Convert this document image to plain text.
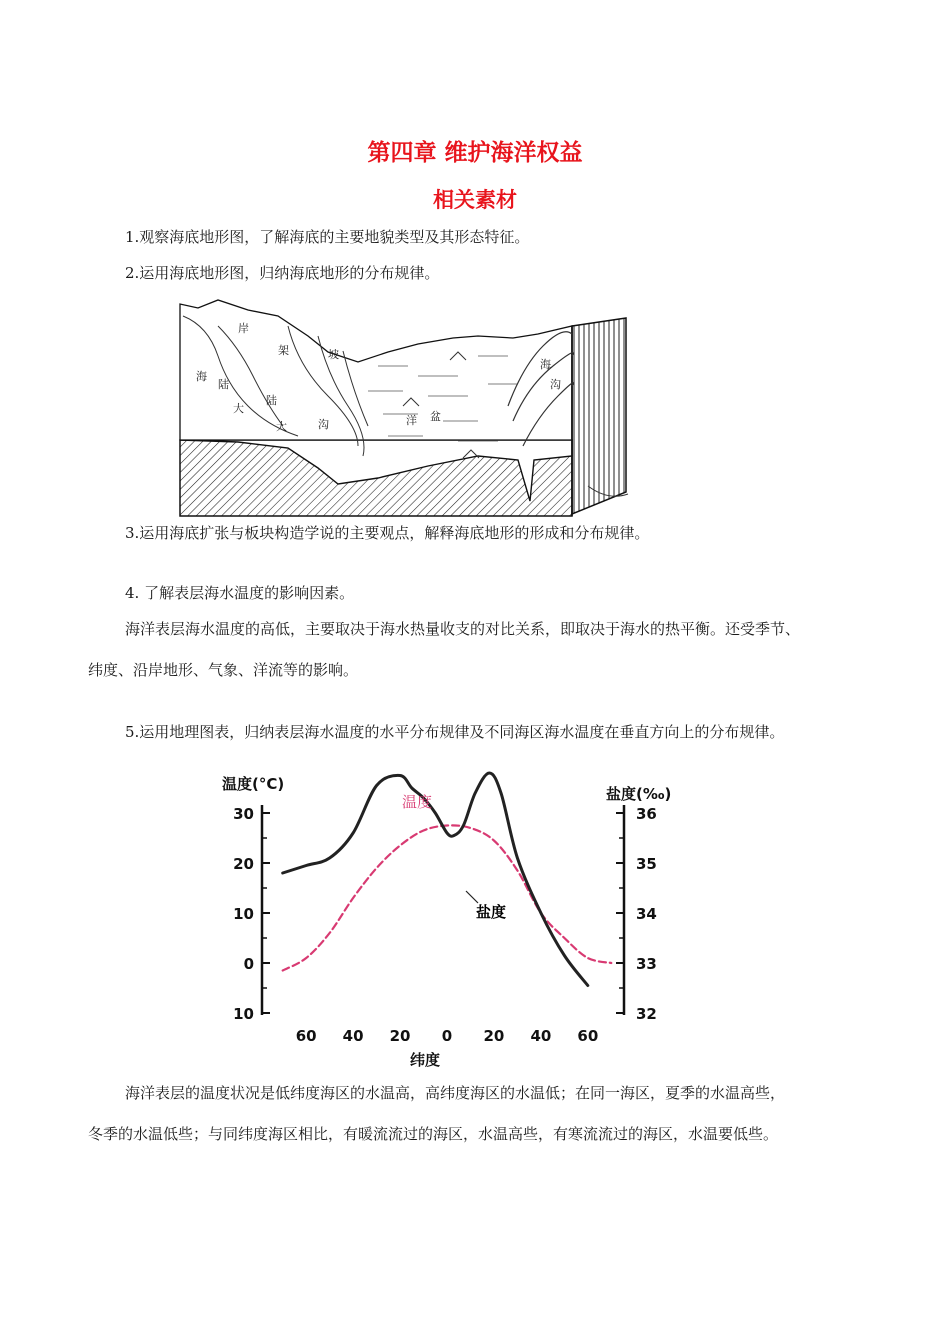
第四章 维护海洋权益
相关素材
1.观察海底地形图，了解海底的主要地貌类型及其形态特征。
2.运用海底地形图，归纳海底地形的分布规律。
海
岸
陆
架
大
陆
坡
大	沟	洋 盆
海
沟
3.运用海底扩张与板块构造学说的主要观点，解释海底地形的形成和分布规律。
4. 了解表层海水温度的影响因素。
海洋表层海水温度的高低，主要取决于海水热量收支的对比关系，即取决于海水的热平衡。还受季节、
纬度、沿岸地形、气象、洋流等的影响。
5.运用地理图表，归纳表层海水温度的水平分布规律及不同海区海水温度在垂直方向上的分布规律。
温度(°C)
盐度(‰)
纬度
30
20
10
0
10
36
35
34
33
32
60 40 20 0 20 40 60
温度
盐度
海洋表层的温度状况是低纬度海区的水温高，高纬度海区的水温低；在同一海区，夏季的水温高些，
冬季的水温低些；与同纬度海区相比，有暖流流过的海区，水温高些，有寒流流过的海区，水温要低些。
